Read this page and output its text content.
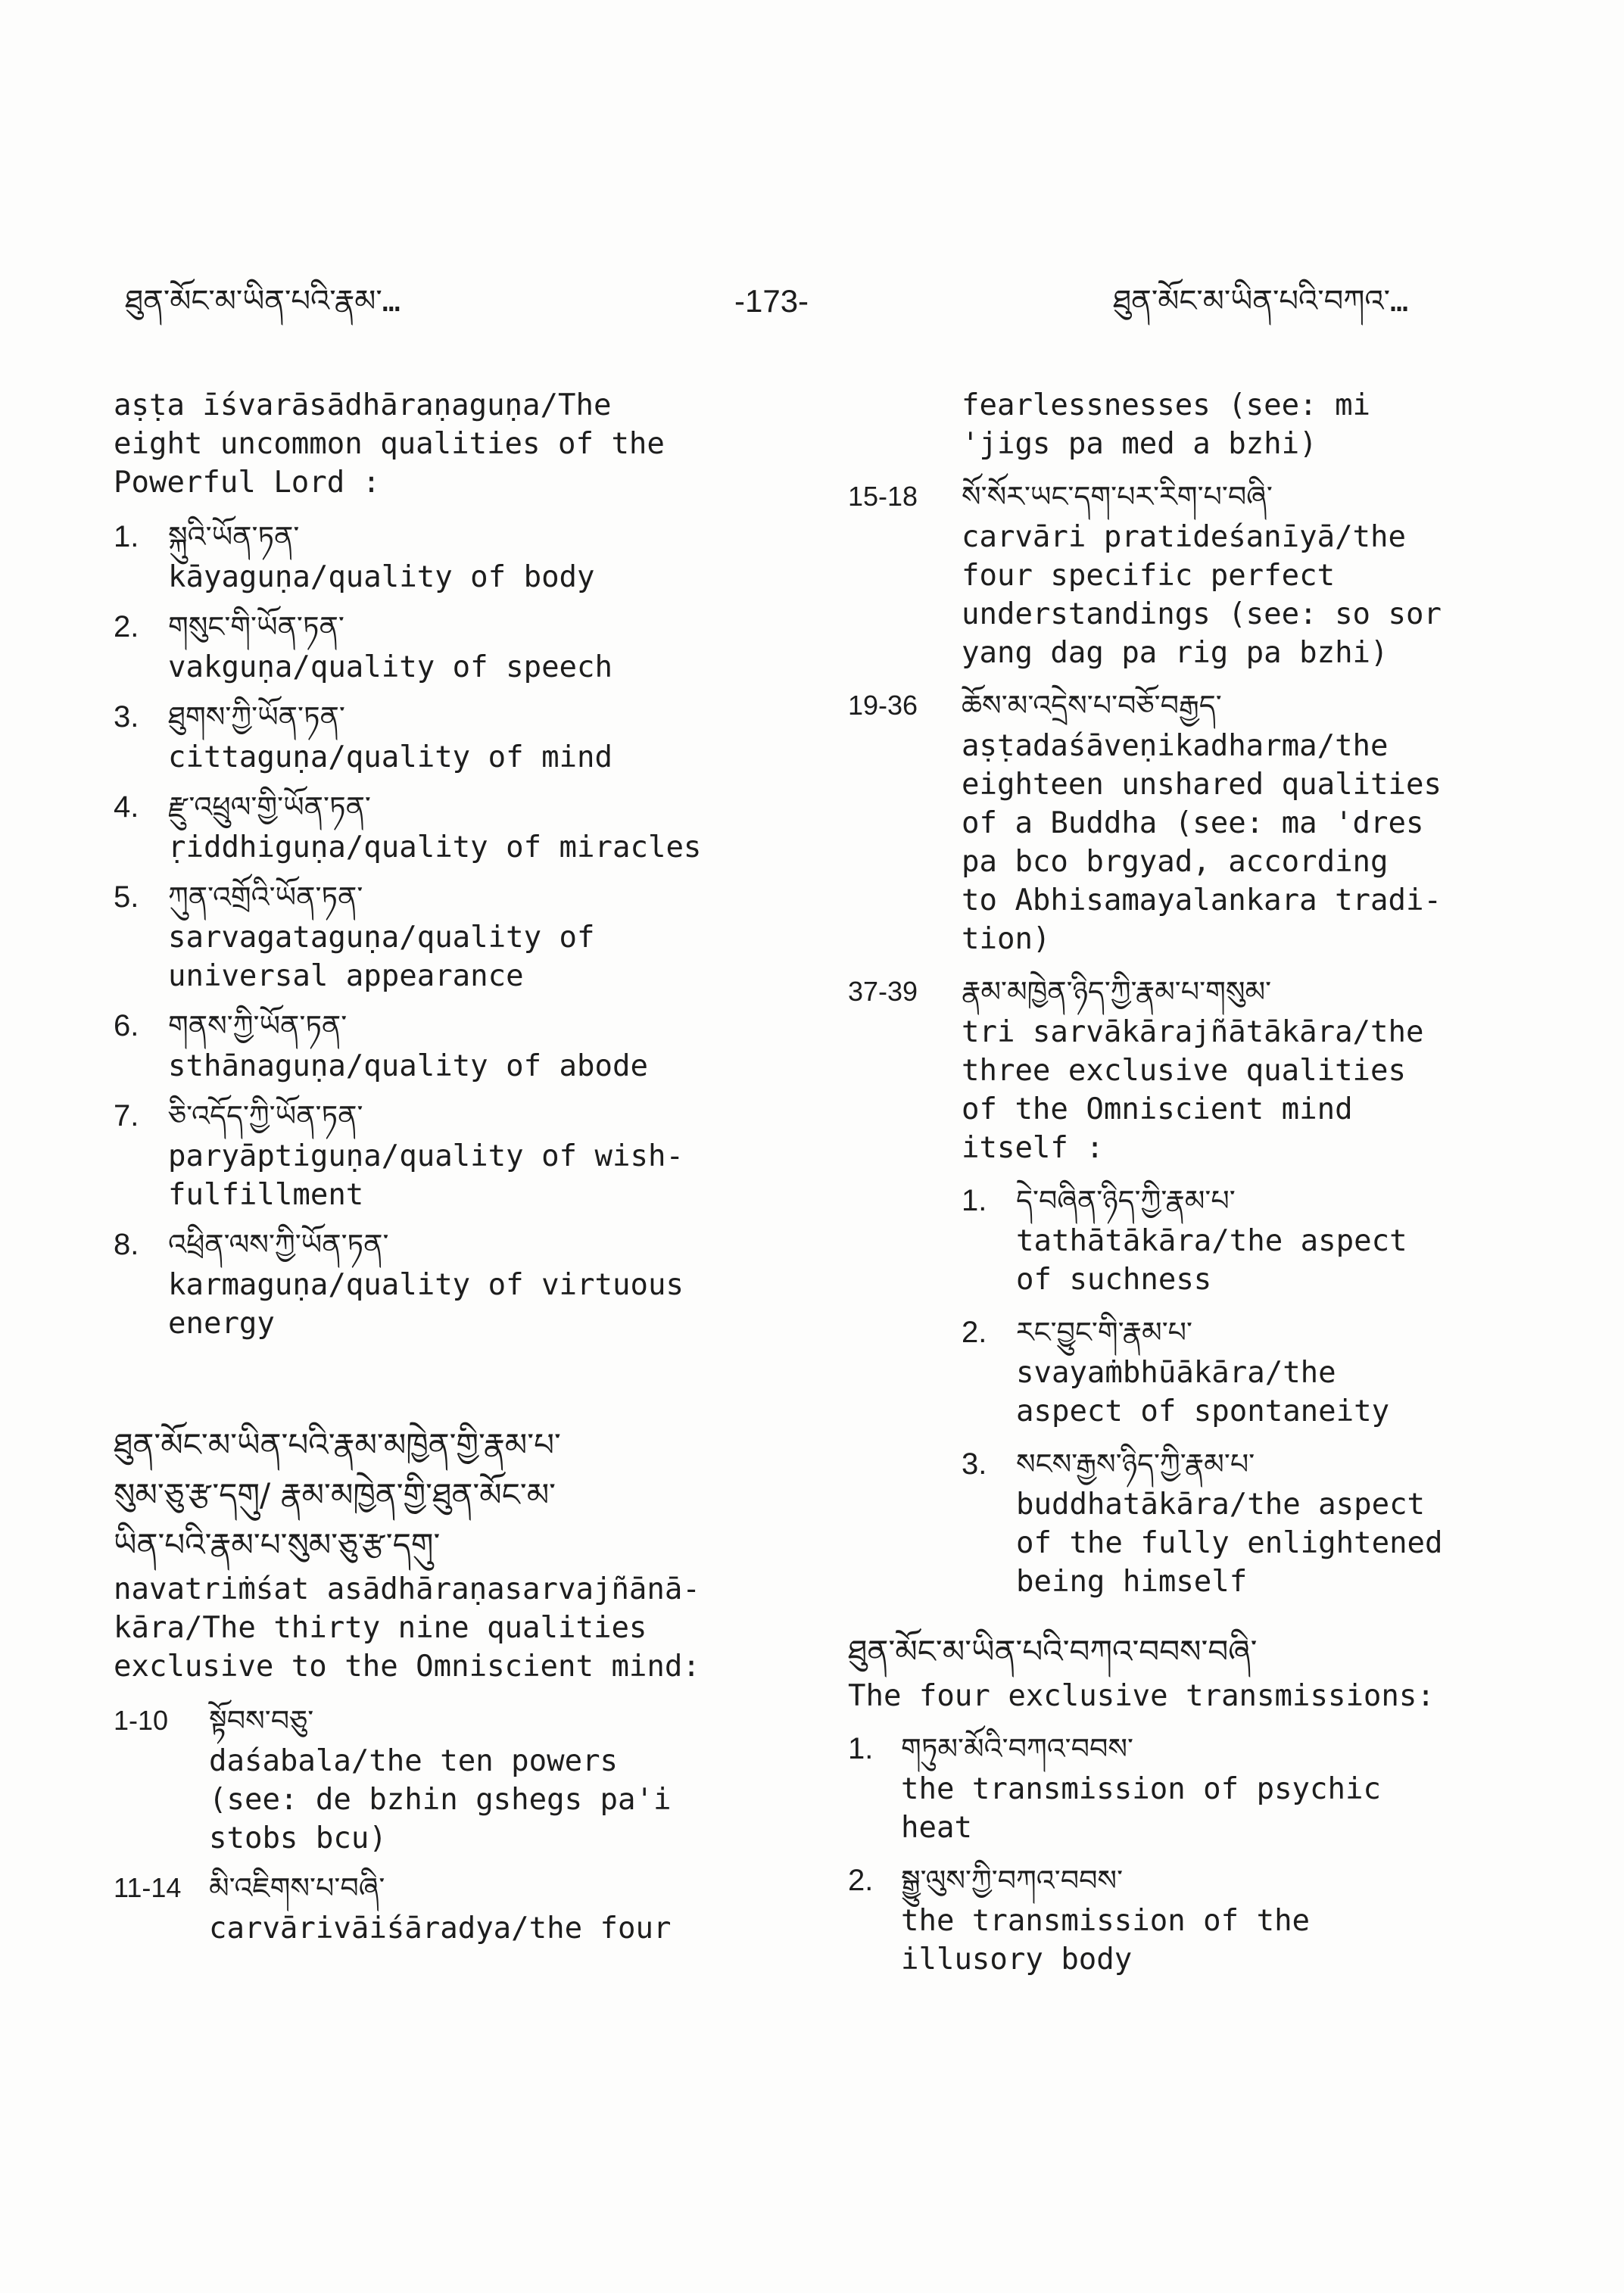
ཐུན་མོང་མ་ཡིན་པའི་རྣམ་…	-173-	ཐུན་མོང་མ་ཡིན་པའི་བཀའ་…
aṣṭa īśvarāsādhāraṇaguṇa/The
eight uncommon qualities of the
Powerful Lord :
1.	སྐུའི་ཡོན་ཏན་
kāyaguṇa/quality of body
2.	གསུང་གི་ཡོན་ཏན་
vakguṇa/quality of speech
3.	ཐུགས་ཀྱི་ཡོན་ཏན་
cittaguṇa/quality of mind
4.	རྫུ་འཕྲུལ་གྱི་ཡོན་ཏན་
ṛiddhiguṇa/quality of miracles
5.	ཀུན་འགྲོའི་ཡོན་ཏན་
sarvagataguṇa/quality of
universal appearance
6.	གནས་ཀྱི་ཡོན་ཏན་
sthānaguṇa/quality of abode
7.	ཅི་འདོད་ཀྱི་ཡོན་ཏན་
paryāptiguṇa/quality of wish-
fulfillment
8.	འཕྲིན་ལས་ཀྱི་ཡོན་ཏན་
karmaguṇa/quality of virtuous
energy
ཐུན་མོང་མ་ཡིན་པའི་རྣམ་མཁྱེན་གྱི་རྣམ་པ་
སུམ་ཅུ་རྩ་དགུ/ རྣམ་མཁྱེན་གྱི་ཐུན་མོང་མ་
ཡིན་པའི་རྣམ་པ་སུམ་ཅུ་རྩ་དགུ་
navatriṁśat asādhāraṇasarvajñānā-
kāra/The thirty nine qualities
exclusive to the Omniscient mind:
1-10	སྟོབས་བཅུ་
daśabala/the ten powers
(see: de bzhin gshegs pa'i
stobs bcu)
11-14 མི་འཇིགས་པ་བཞི་
carvārivāiśāradya/the four
fearlessnesses (see: mi
'jigs pa med a bzhi)
15-18	སོ་སོར་ཡང་དག་པར་རིག་པ་བཞི་
carvāri pratideśanīyā/the
four specific perfect
understandings (see: so sor
yang dag pa rig pa bzhi)
19-36	ཆོས་མ་འདྲེས་པ་བཅོ་བརྒྱད་
aṣṭadaśāveṇikadharma/the
eighteen unshared qualities
of a Buddha (see: ma 'dres
pa bco brgyad, according
to Abhisamayalankara tradi-
tion)
37-39	རྣམ་མཁྱེན་ཉིད་ཀྱི་རྣམ་པ་གསུམ་
tri sarvākārajñātākāra/the
three exclusive qualities
of the Omniscient mind
itself :
1.	དེ་བཞིན་ཉིད་ཀྱི་རྣམ་པ་
tathātākāra/the aspect
of suchness
2.	རང་བྱུང་གི་རྣམ་པ་
svayaṁbhūākāra/the
aspect of spontaneity
3.	སངས་རྒྱས་ཉིད་ཀྱི་རྣམ་པ་
buddhatākāra/the aspect
of the fully enlightened
being himself
ཐུན་མོང་མ་ཡིན་པའི་བཀའ་བབས་བཞི་
The four exclusive transmissions:
1. གཏུམ་མོའི་བཀའ་བབས་
the transmission of psychic
heat
2. སྒྱུ་ལུས་ཀྱི་བཀའ་བབས་
the transmission of the
illusory body
